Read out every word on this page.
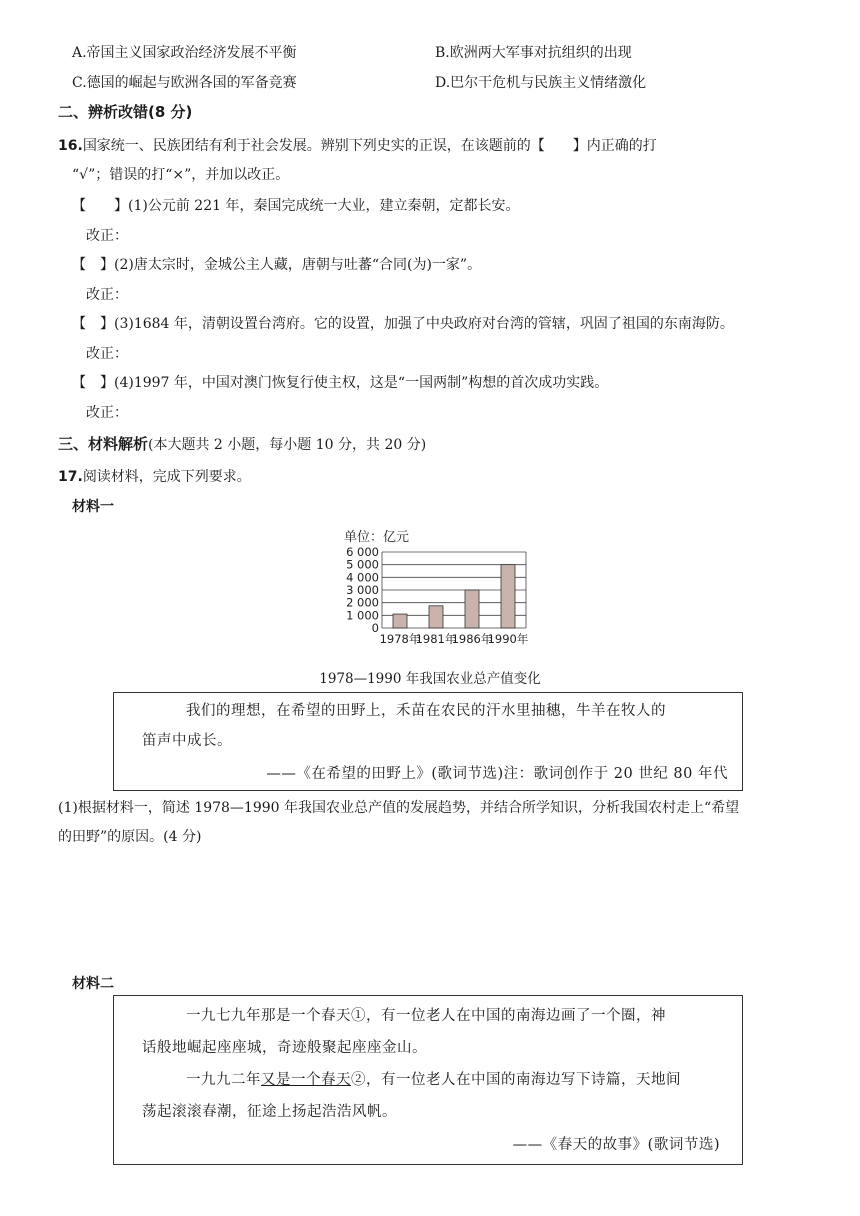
A.帝国主义国家政治经济发展不平衡	B.欧洲两大军事对抗组织的出现
C.德国的崛起与欧洲各国的军备竞赛	D.巴尔干危机与民族主义情绪激化
二、辨析改错(8 分)
16.国家统一、民族团结有利于社会发展。辨别下列史实的正误，在该题前的【　　】内正确的打
“√”；错误的打“×”，并加以改正。
【　　】(1)公元前 221 年，秦国完成统一大业，建立秦朝，定都长安。
改正：
【　】(2)唐太宗时，金城公主人藏，唐朝与吐蕃“合同(为)一家”。
改正：
【　】(3)1684 年，清朝设置台湾府。它的设置，加强了中央政府对台湾的管辖，巩固了祖国的东南海防。
改正：
【　】(4)1997 年，中国对澳门恢复行使主权，这是“一国两制”构想的首次成功实践。
改正：
三、材料解析(本大题共 2 小题，每小题 10 分，共 20 分)
17.阅读材料，完成下列要求。
材料一
单位：亿元
0
1 000
2 000
3 000
4 000
5 000
6 000
1978年
1981年
1986年
1990年
1978—1990 年我国农业总产值变化
我们的理想，在希望的田野上，禾苗在农民的汗水里抽穗，牛羊在牧人的
笛声中成长。
——《在希望的田野上》(歌词节选)注：歌词创作于 20 世纪 80 年代
(1)根据材料一，简述 1978—1990 年我国农业总产值的发展趋势，并结合所学知识，分析我国农村走上“希望
的田野”的原因。(4 分)
材料二
一九七九年那是一个春天①，有一位老人在中国的南海边画了一个圈，神
话般地崛起座座城，奇迹般聚起座座金山。
一九九二年又是一个春天②，有一位老人在中国的南海边写下诗篇，天地间
荡起滚滚春潮，征途上扬起浩浩风帆。
——《春天的故事》(歌词节选)
